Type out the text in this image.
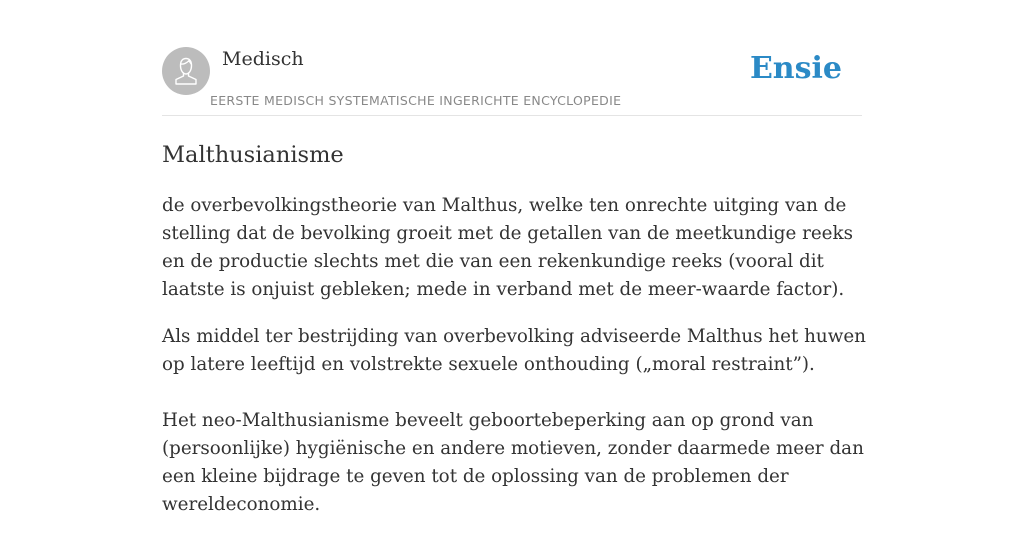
Medisch
EERSTE MEDISCH SYSTEMATISCHE INGERICHTE ENCYCLOPEDIE
Ensie
Malthusianisme

de overbevolkingstheorie van Malthus, welke ten onrechte uitging van de stelling dat de bevolking groeit met de getallen van de meetkundige reeks en de productie slechts met die van een rekenkundige reeks (vooral dit laatste is onjuist gebleken; mede in verband met de meer-waarde factor).

Als middel ter bestrijding van overbevolking adviseerde Malthus het huwen op latere leeftijd en volstrekte sexuele onthouding („moral restraint”).

Het neo-Malthusianisme beveelt geboortebeperking aan op grond van (persoonlijke) hygiënische en andere motieven, zonder daarmede meer dan een kleine bijdrage te geven tot de oplossing van de problemen der wereldeconomie.
